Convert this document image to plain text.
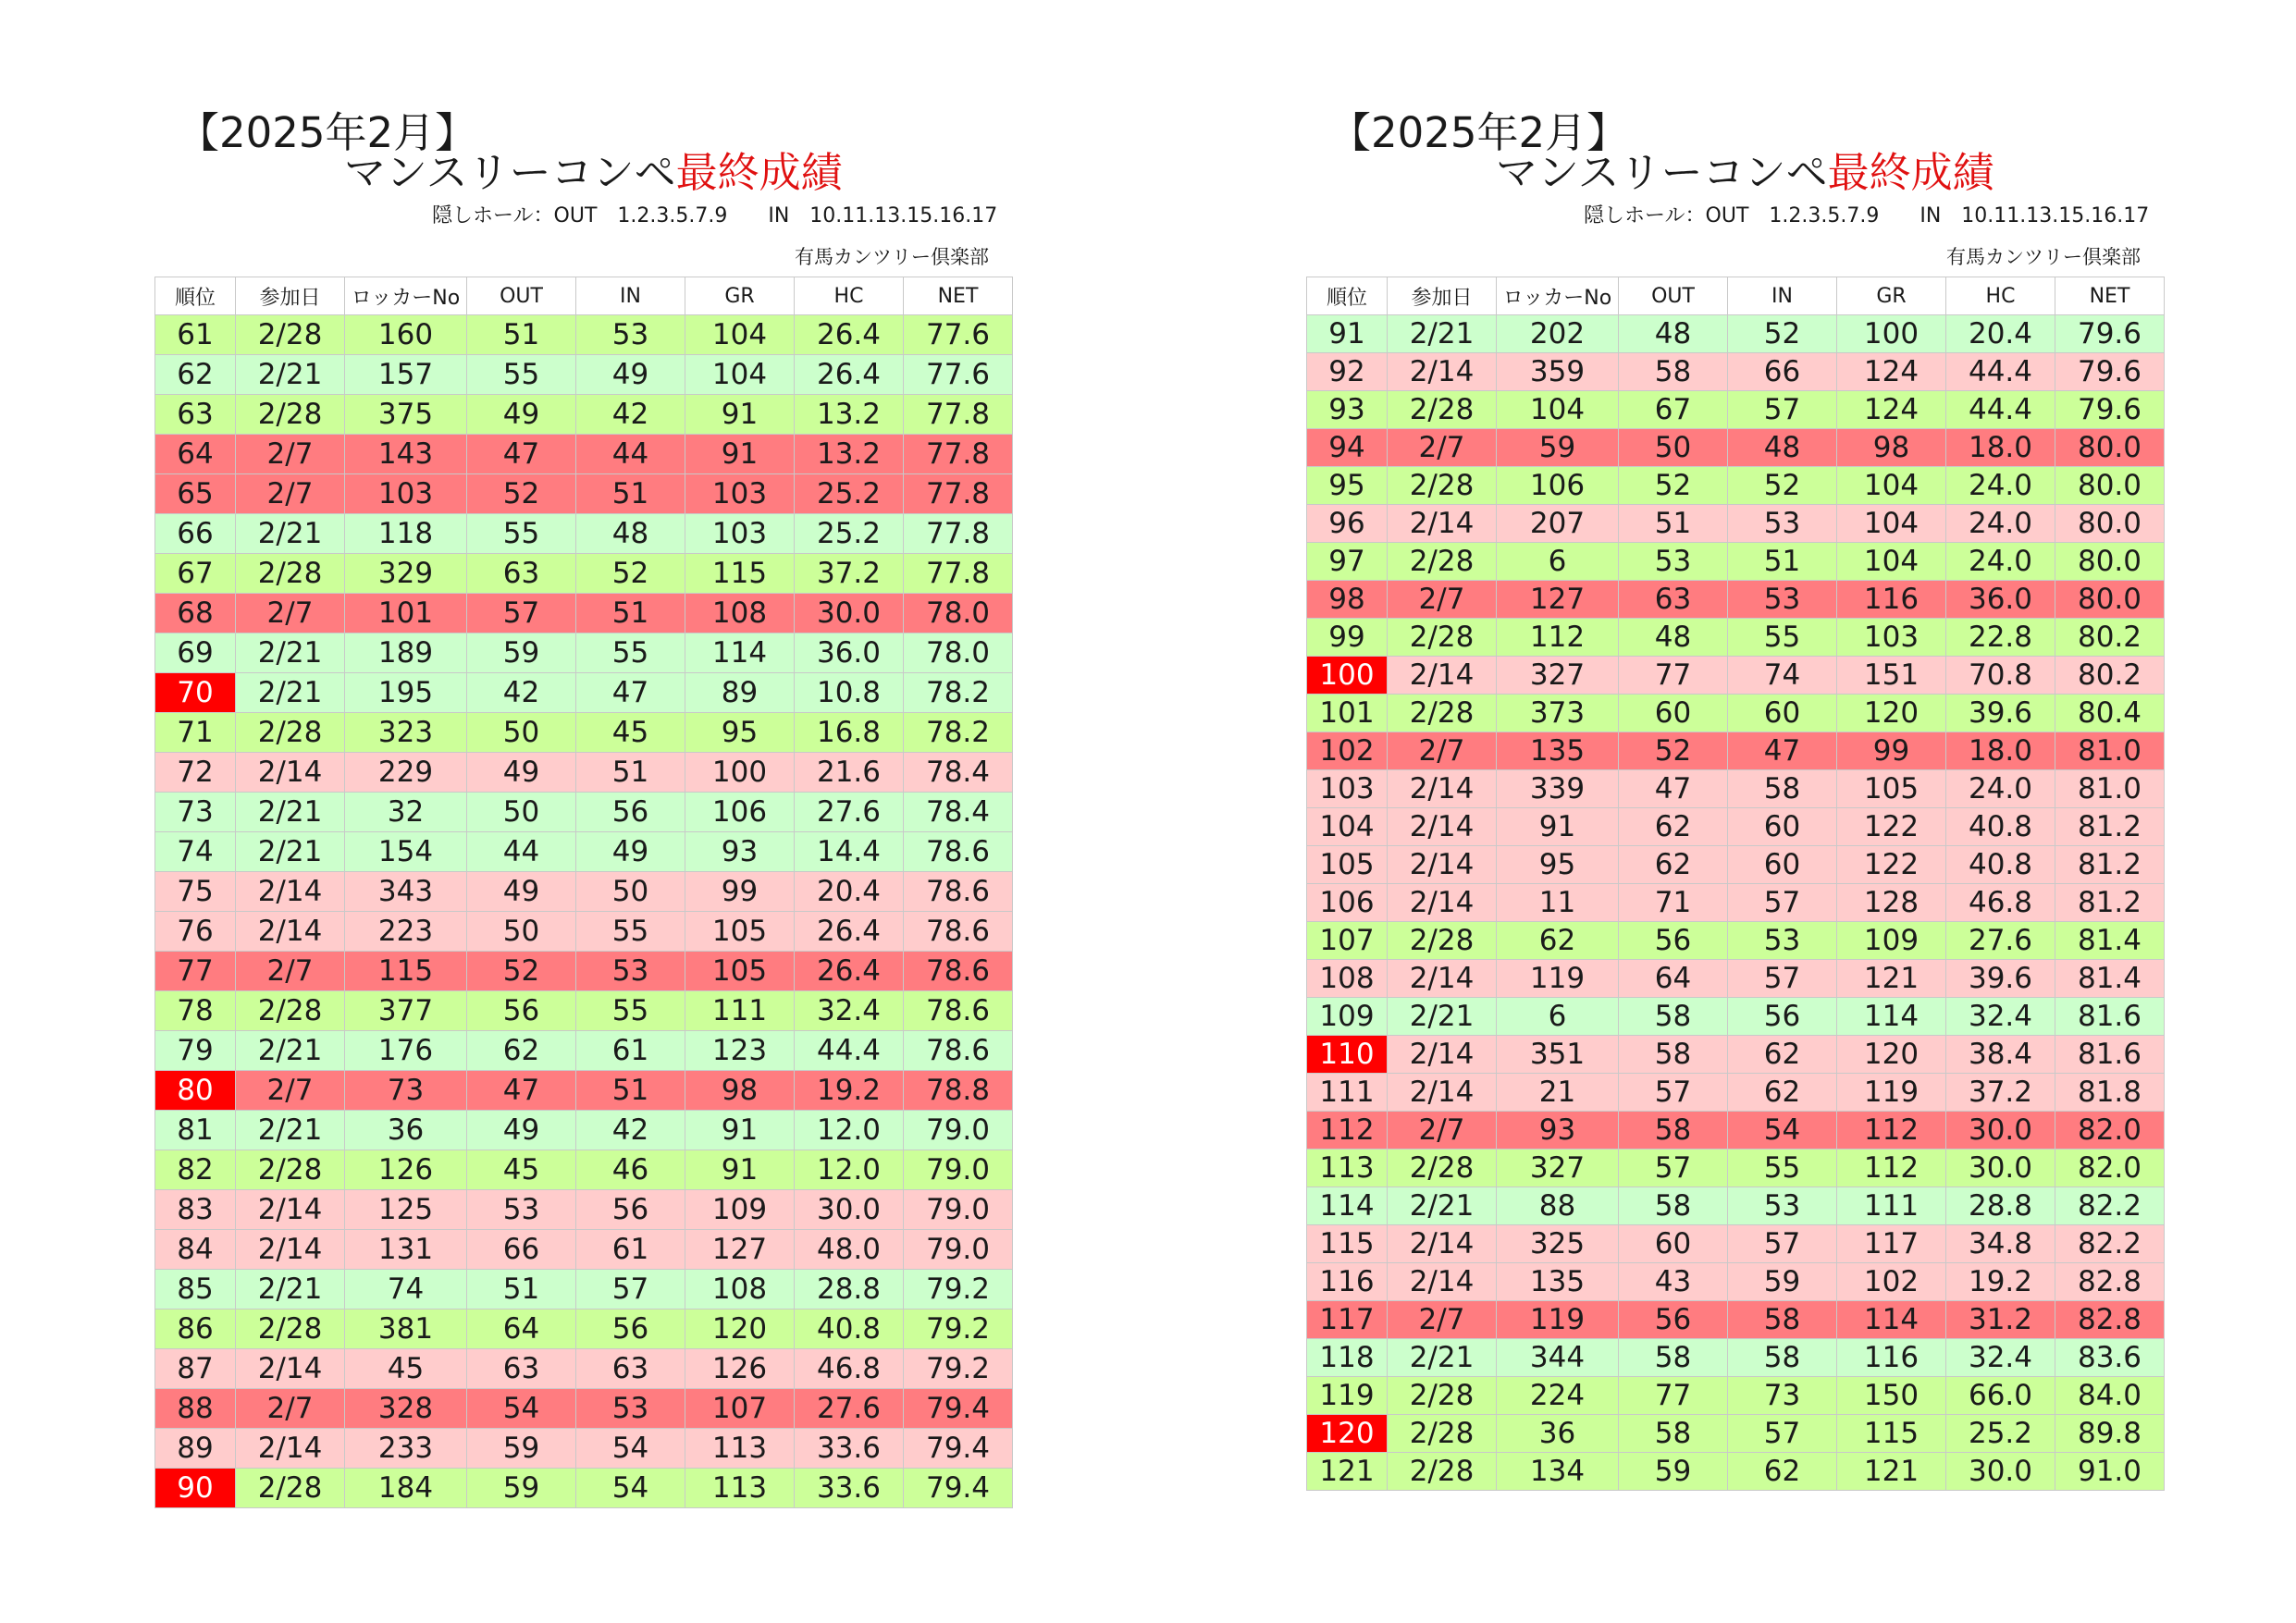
【2025年2月】
マンスリーコンペ最終成績
隠しホール：OUT　1.2.3.5.7.9　　IN　10.11.13.15.16.17
有馬カンツリー倶楽部
順位	参加日	ロッカーNo	OUT	IN	GR	HC	NET
61	2/28	160	51	53	104	26.4	77.6
62	2/21	157	55	49	104	26.4	77.6
63	2/28	375	49	42	91	13.2	77.8
64	2/7	143	47	44	91	13.2	77.8
65	2/7	103	52	51	103	25.2	77.8
66	2/21	118	55	48	103	25.2	77.8
67	2/28	329	63	52	115	37.2	77.8
68	2/7	101	57	51	108	30.0	78.0
69	2/21	189	59	55	114	36.0	78.0
70	2/21	195	42	47	89	10.8	78.2
71	2/28	323	50	45	95	16.8	78.2
72	2/14	229	49	51	100	21.6	78.4
73	2/21	32	50	56	106	27.6	78.4
74	2/21	154	44	49	93	14.4	78.6
75	2/14	343	49	50	99	20.4	78.6
76	2/14	223	50	55	105	26.4	78.6
77	2/7	115	52	53	105	26.4	78.6
78	2/28	377	56	55	111	32.4	78.6
79	2/21	176	62	61	123	44.4	78.6
80	2/7	73	47	51	98	19.2	78.8
81	2/21	36	49	42	91	12.0	79.0
82	2/28	126	45	46	91	12.0	79.0
83	2/14	125	53	56	109	30.0	79.0
84	2/14	131	66	61	127	48.0	79.0
85	2/21	74	51	57	108	28.8	79.2
86	2/28	381	64	56	120	40.8	79.2
87	2/14	45	63	63	126	46.8	79.2
88	2/7	328	54	53	107	27.6	79.4
89	2/14	233	59	54	113	33.6	79.4
90	2/28	184	59	54	113	33.6	79.4
【2025年2月】
マンスリーコンペ最終成績
隠しホール：OUT　1.2.3.5.7.9　　IN　10.11.13.15.16.17
有馬カンツリー倶楽部
順位	参加日	ロッカーNo	OUT	IN	GR	HC	NET
91	2/21	202	48	52	100	20.4	79.6
92	2/14	359	58	66	124	44.4	79.6
93	2/28	104	67	57	124	44.4	79.6
94	2/7	59	50	48	98	18.0	80.0
95	2/28	106	52	52	104	24.0	80.0
96	2/14	207	51	53	104	24.0	80.0
97	2/28	6	53	51	104	24.0	80.0
98	2/7	127	63	53	116	36.0	80.0
99	2/28	112	48	55	103	22.8	80.2
100	2/14	327	77	74	151	70.8	80.2
101	2/28	373	60	60	120	39.6	80.4
102	2/7	135	52	47	99	18.0	81.0
103	2/14	339	47	58	105	24.0	81.0
104	2/14	91	62	60	122	40.8	81.2
105	2/14	95	62	60	122	40.8	81.2
106	2/14	11	71	57	128	46.8	81.2
107	2/28	62	56	53	109	27.6	81.4
108	2/14	119	64	57	121	39.6	81.4
109	2/21	6	58	56	114	32.4	81.6
110	2/14	351	58	62	120	38.4	81.6
111	2/14	21	57	62	119	37.2	81.8
112	2/7	93	58	54	112	30.0	82.0
113	2/28	327	57	55	112	30.0	82.0
114	2/21	88	58	53	111	28.8	82.2
115	2/14	325	60	57	117	34.8	82.2
116	2/14	135	43	59	102	19.2	82.8
117	2/7	119	56	58	114	31.2	82.8
118	2/21	344	58	58	116	32.4	83.6
119	2/28	224	77	73	150	66.0	84.0
120	2/28	36	58	57	115	25.2	89.8
121	2/28	134	59	62	121	30.0	91.0
